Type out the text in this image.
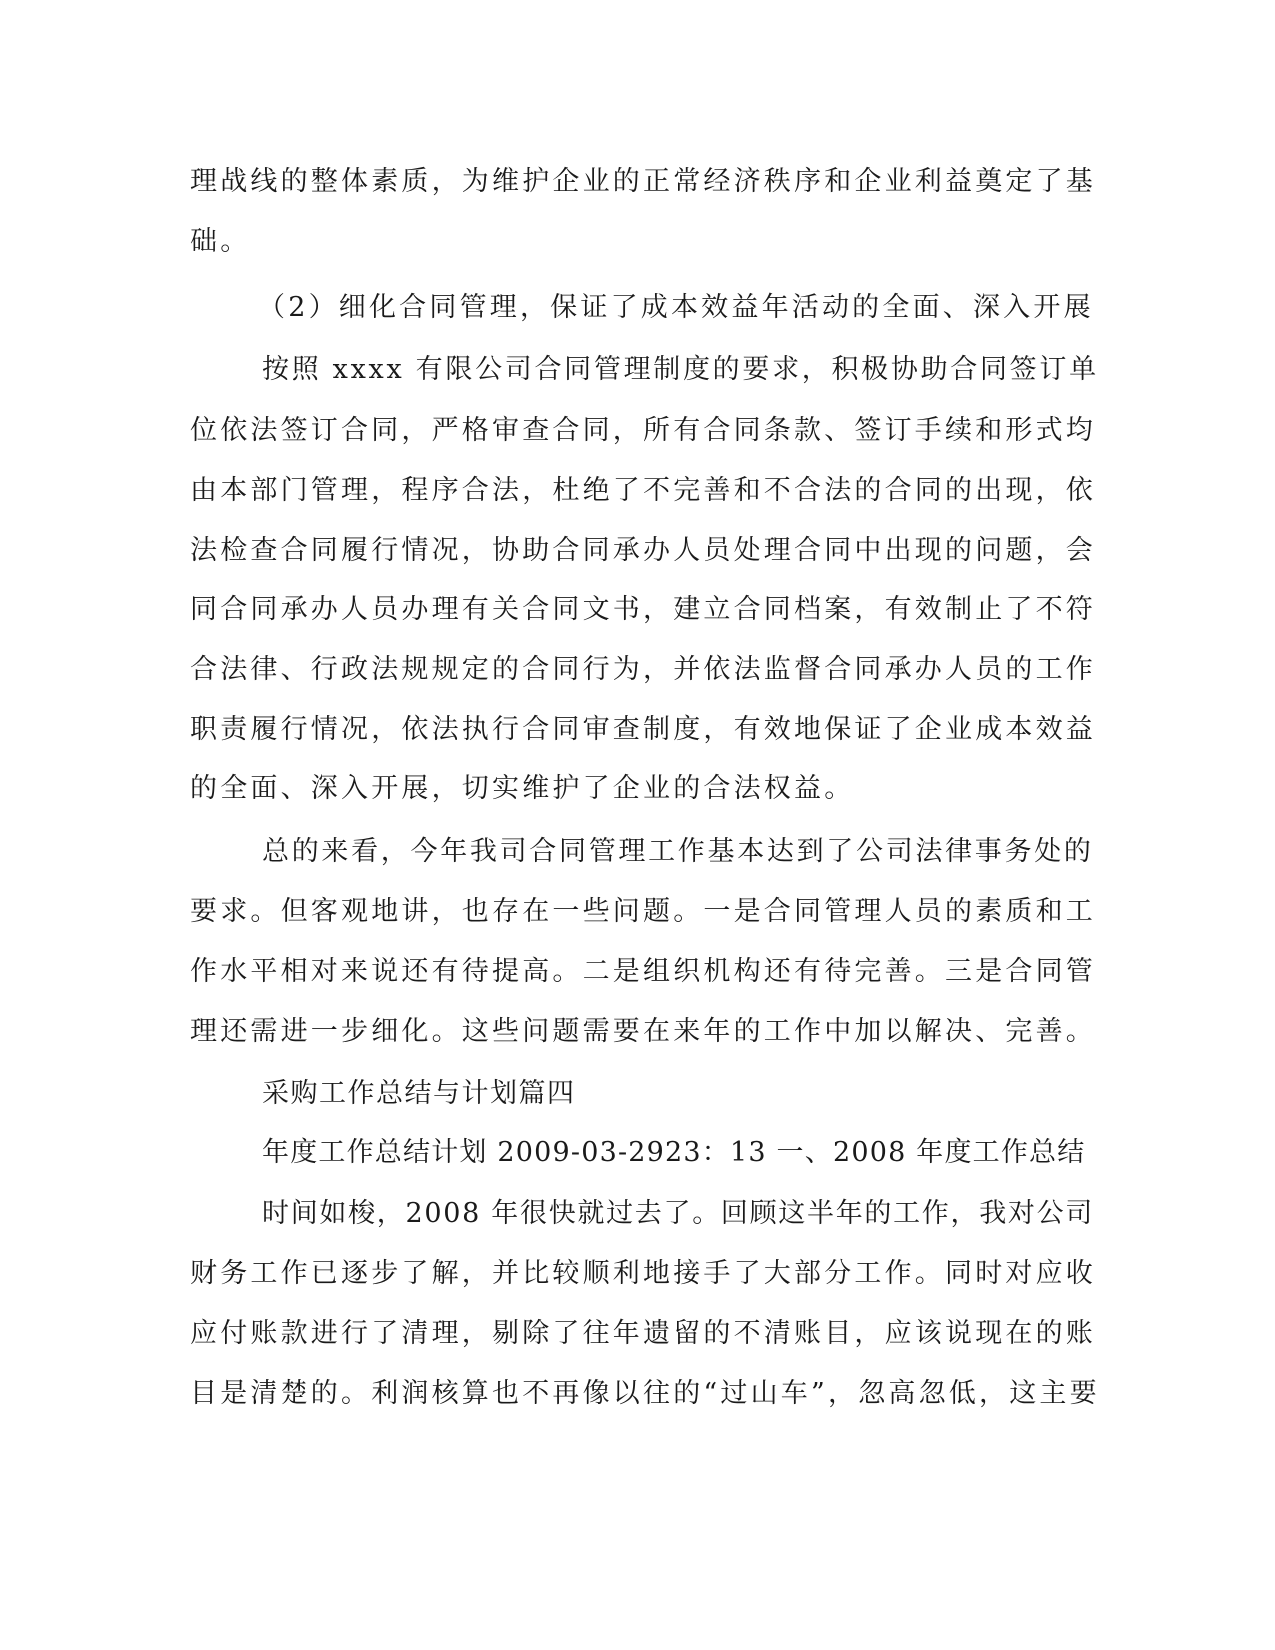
理战线的整体素质，为维护企业的正常经济秩序和企业利益奠定了基
础。
（2）细化合同管理，保证了成本效益年活动的全面、深入开展
按照 xxxx 有限公司合同管理制度的要求，积极协助合同签订单
位依法签订合同，严格审查合同，所有合同条款、签订手续和形式均
由本部门管理，程序合法，杜绝了不完善和不合法的合同的出现，依
法检查合同履行情况，协助合同承办人员处理合同中出现的问题，会
同合同承办人员办理有关合同文书，建立合同档案，有效制止了不符
合法律、行政法规规定的合同行为，并依法监督合同承办人员的工作
职责履行情况，依法执行合同审查制度，有效地保证了企业成本效益
的全面、深入开展，切实维护了企业的合法权益。
总的来看，今年我司合同管理工作基本达到了公司法律事务处的
要求。但客观地讲，也存在一些问题。一是合同管理人员的素质和工
作水平相对来说还有待提高。二是组织机构还有待完善。三是合同管
理还需进一步细化。这些问题需要在来年的工作中加以解决、完善。
采购工作总结与计划篇四
年度工作总结计划 2009-03-2923：13 一、2008 年度工作总结
时间如梭，2008 年很快就过去了。回顾这半年的工作，我对公司
财务工作已逐步了解，并比较顺利地接手了大部分工作。同时对应收
应付账款进行了清理，剔除了往年遗留的不清账目，应该说现在的账
目是清楚的。利润核算也不再像以往的“过山车”，忽高忽低，这主要
